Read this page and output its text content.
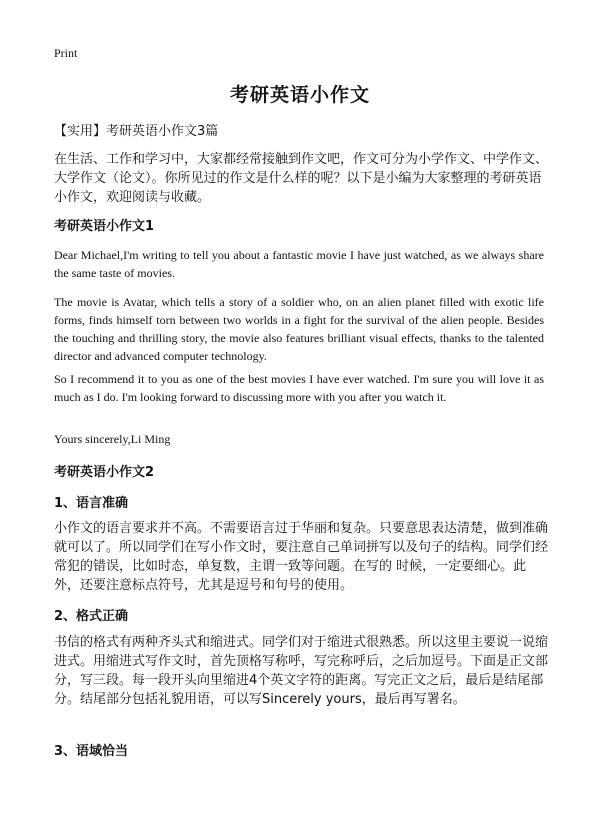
Print
考研英语小作文
【实用】考研英语小作文3篇
在生活、工作和学习中，大家都经常接触到作文吧，作文可分为小学作文、中学作文、大学作文（论文）。你所见过的作文是什么样的呢？以下是小编为大家整理的考研英语小作文，欢迎阅读与收藏。
考研英语小作文1
Dear Michael,I'm writing to tell you about a fantastic movie I have just watched, as we always share the same taste of movies.
The movie is Avatar, which tells a story of a soldier who, on an alien planet filled with exotic life forms, finds himself torn between two worlds in a fight for the survival of the alien people. Besides the touching and thrilling story, the movie also features brilliant visual effects, thanks to the talented director and advanced computer technology.
So I recommend it to you as one of the best movies I have ever watched. I'm sure you will love it as much as I do. I'm looking forward to discussing more with you after you watch it.
Yours sincerely,Li Ming
考研英语小作文2
1、语言准确
小作文的语言要求并不高。不需要语言过于华丽和复杂。只要意思表达清楚，做到准确就可以了。所以同学们在写小作文时，要注意自己单词拼写以及句子的结构。同学们经常犯的错误，比如时态，单复数，主谓一致等问题。在写的 时候，一定要细心。此外，还要注意标点符号，尤其是逗号和句号的使用。
2、格式正确
书信的格式有两种齐头式和缩进式。同学们对于缩进式很熟悉。所以这里主要说一说缩进式。用缩进式写作文时，首先顶格写称呼，写完称呼后，之后加逗号。下面是正文部分，写三段。每一段开头向里缩进4个英文字符的距离。写完正文之后，最后是结尾部分。结尾部分包括礼貌用语，可以写Sincerely yours，最后再写署名。
3、语域恰当
